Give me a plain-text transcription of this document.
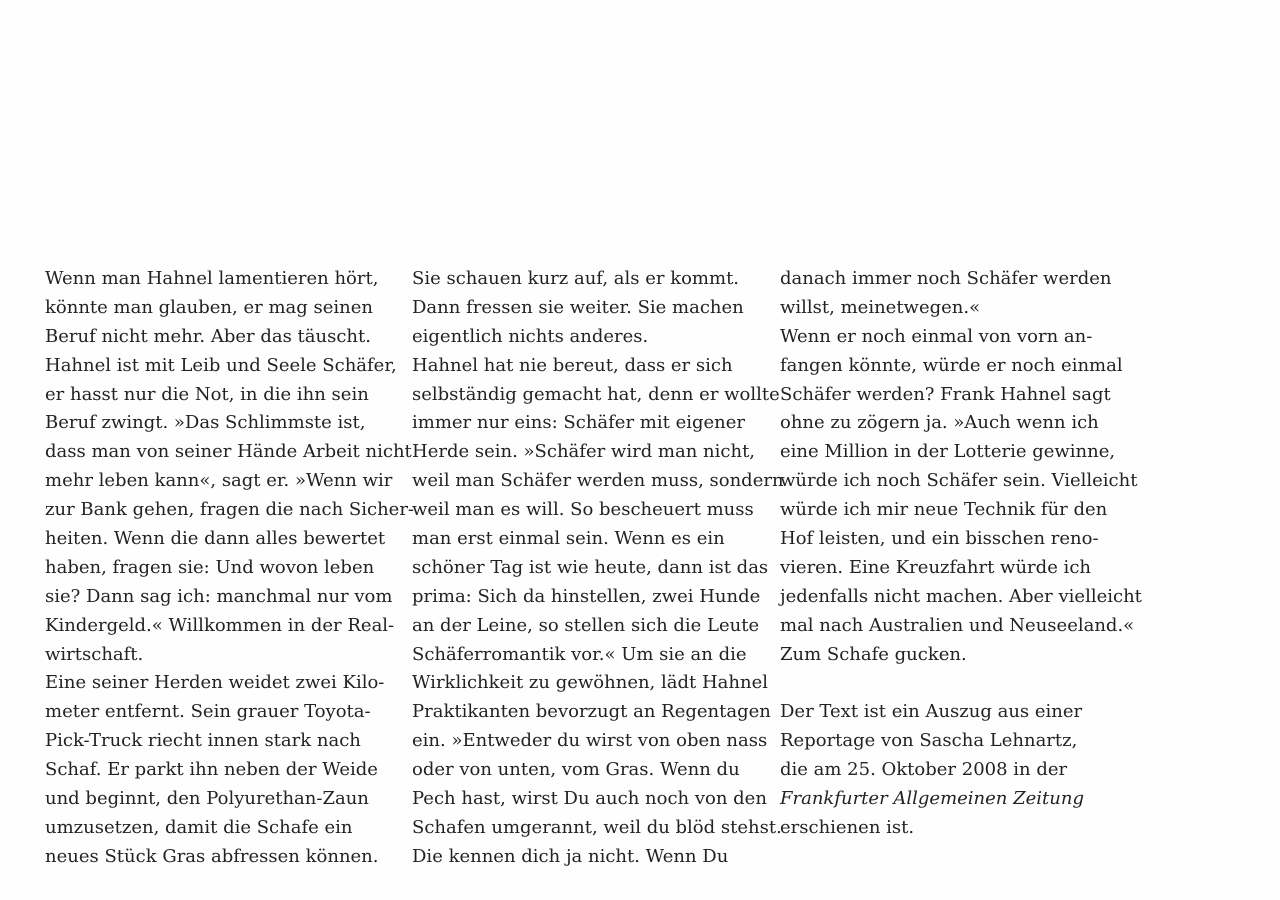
Wenn man Hahnel lamentieren hört,
könnte man glauben, er mag seinen
Beruf nicht mehr. Aber das täuscht.
Hahnel ist mit Leib und Seele Schäfer,
er hasst nur die Not, in die ihn sein
Beruf zwingt. »Das Schlimmste ist,
dass man von seiner Hände Arbeit nicht
mehr leben kann«, sagt er. »Wenn wir
zur Bank gehen, fragen die nach Sicher-
heiten. Wenn die dann alles bewertet
haben, fragen sie: Und wovon leben
sie? Dann sag ich: manchmal nur vom
Kindergeld.« Willkommen in der Real-
wirtschaft.
Eine seiner Herden weidet zwei Kilo-
meter entfernt. Sein grauer Toyota-
Pick-Truck riecht innen stark nach
Schaf. Er parkt ihn neben der Weide
und beginnt, den Polyurethan-Zaun
umzusetzen, damit die Schafe ein
neues Stück Gras abfressen können.
Sie schauen kurz auf, als er kommt.
Dann fressen sie weiter. Sie machen
eigentlich nichts anderes.
Hahnel hat nie bereut, dass er sich
selbständig gemacht hat, denn er wollte
immer nur eins: Schäfer mit eigener
Herde sein. »Schäfer wird man nicht,
weil man Schäfer werden muss, sondern
weil man es will. So bescheuert muss
man erst einmal sein. Wenn es ein
schöner Tag ist wie heute, dann ist das
prima: Sich da hinstellen, zwei Hunde
an der Leine, so stellen sich die Leute
Schäferromantik vor.« Um sie an die
Wirklichkeit zu gewöhnen, lädt Hahnel
Praktikanten bevorzugt an Regentagen
ein. »Entweder du wirst von oben nass
oder von unten, vom Gras. Wenn du
Pech hast, wirst Du auch noch von den
Schafen umgerannt, weil du blöd stehst.
Die kennen dich ja nicht. Wenn Du
danach immer noch Schäfer werden
willst, meinetwegen.«
Wenn er noch einmal von vorn an-
fangen könnte, würde er noch einmal
Schäfer werden? Frank Hahnel sagt
ohne zu zögern ja. »Auch wenn ich
eine Million in der Lotterie gewinne,
würde ich noch Schäfer sein. Vielleicht
würde ich mir neue Technik für den
Hof leisten, und ein bisschen reno-
vieren. Eine Kreuzfahrt würde ich
jedenfalls nicht machen. Aber vielleicht
mal nach Australien und Neuseeland.«
Zum Schafe gucken.
Der Text ist ein Auszug aus einer
Reportage von Sascha Lehnartz,
die am 25. Oktober 2008 in der
Frankfurter Allgemeinen Zeitung
erschienen ist.
